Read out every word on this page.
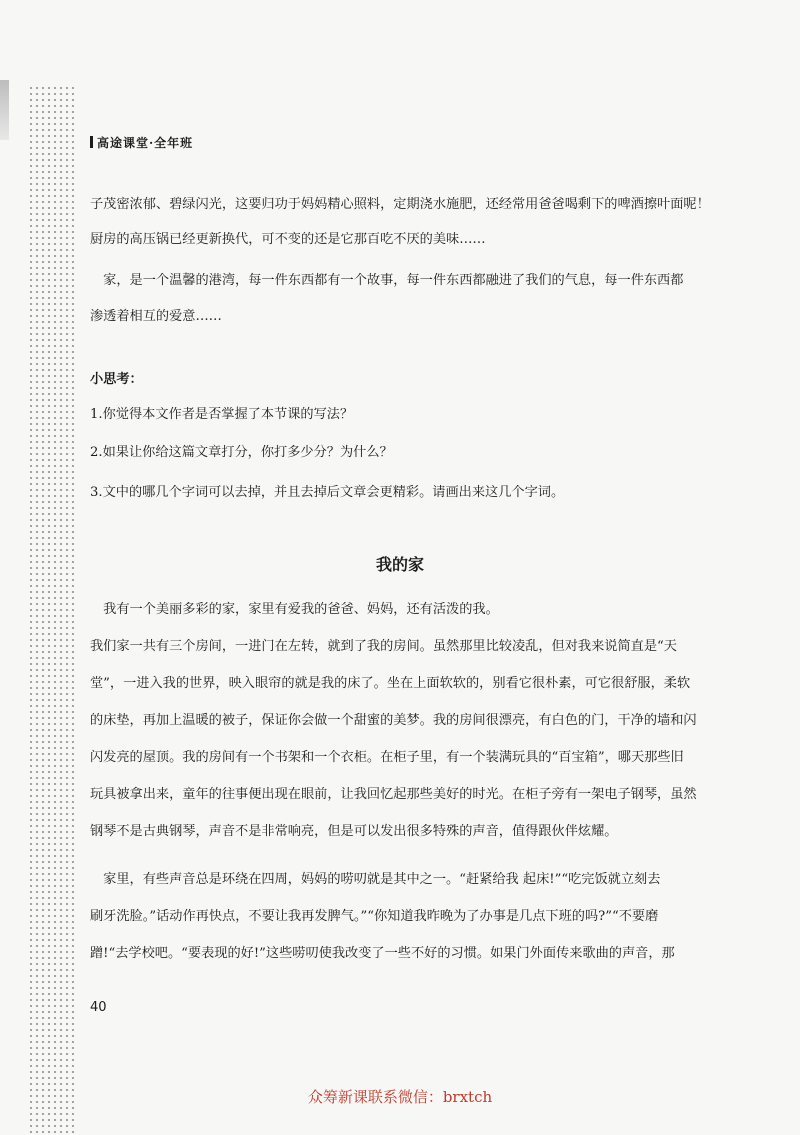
高途课堂·全年班
子茂密浓郁、碧绿闪光，这要归功于妈妈精心照料，定期浇水施肥，还经常用爸爸喝剩下的啤酒擦叶面呢！
厨房的高压锅已经更新换代，可不变的还是它那百吃不厌的美味……
　家，是一个温馨的港湾，每一件东西都有一个故事，每一件东西都融进了我们的气息，每一件东西都
渗透着相互的爱意……
小思考：
1.你觉得本文作者是否掌握了本节课的写法？
2.如果让你给这篇文章打分，你打多少分？为什么？
3.文中的哪几个字词可以去掉，并且去掉后文章会更精彩。请画出来这几个字词。
我的家
　我有一个美丽多彩的家，家里有爱我的爸爸、妈妈，还有活泼的我。
我们家一共有三个房间，一进门在左转，就到了我的房间。虽然那里比较凌乱，但对我来说简直是“天
堂”，一进入我的世界，映入眼帘的就是我的床了。坐在上面软软的，别看它很朴素，可它很舒服，柔软
的床垫，再加上温暖的被子，保证你会做一个甜蜜的美梦。我的房间很漂亮，有白色的门，干净的墙和闪
闪发亮的屋顶。我的房间有一个书架和一个衣柜。在柜子里，有一个装满玩具的“百宝箱”，哪天那些旧
玩具被拿出来，童年的往事便出现在眼前，让我回忆起那些美好的时光。在柜子旁有一架电子钢琴，虽然
钢琴不是古典钢琴，声音不是非常响亮，但是可以发出很多特殊的声音，值得跟伙伴炫耀。
　家里，有些声音总是环绕在四周，妈妈的唠叨就是其中之一。“赶紧给我 起床!”“吃完饭就立刻去
刷牙洗脸。”话动作再快点，不要让我再发脾气。”“你知道我昨晚为了办事是几点下班的吗?”“不要磨
蹭!“去学校吧。“要表现的好!”这些唠叨使我改变了一些不好的习惯。如果门外面传来歌曲的声音，那
40
众筹新课联系微信：brxtch
